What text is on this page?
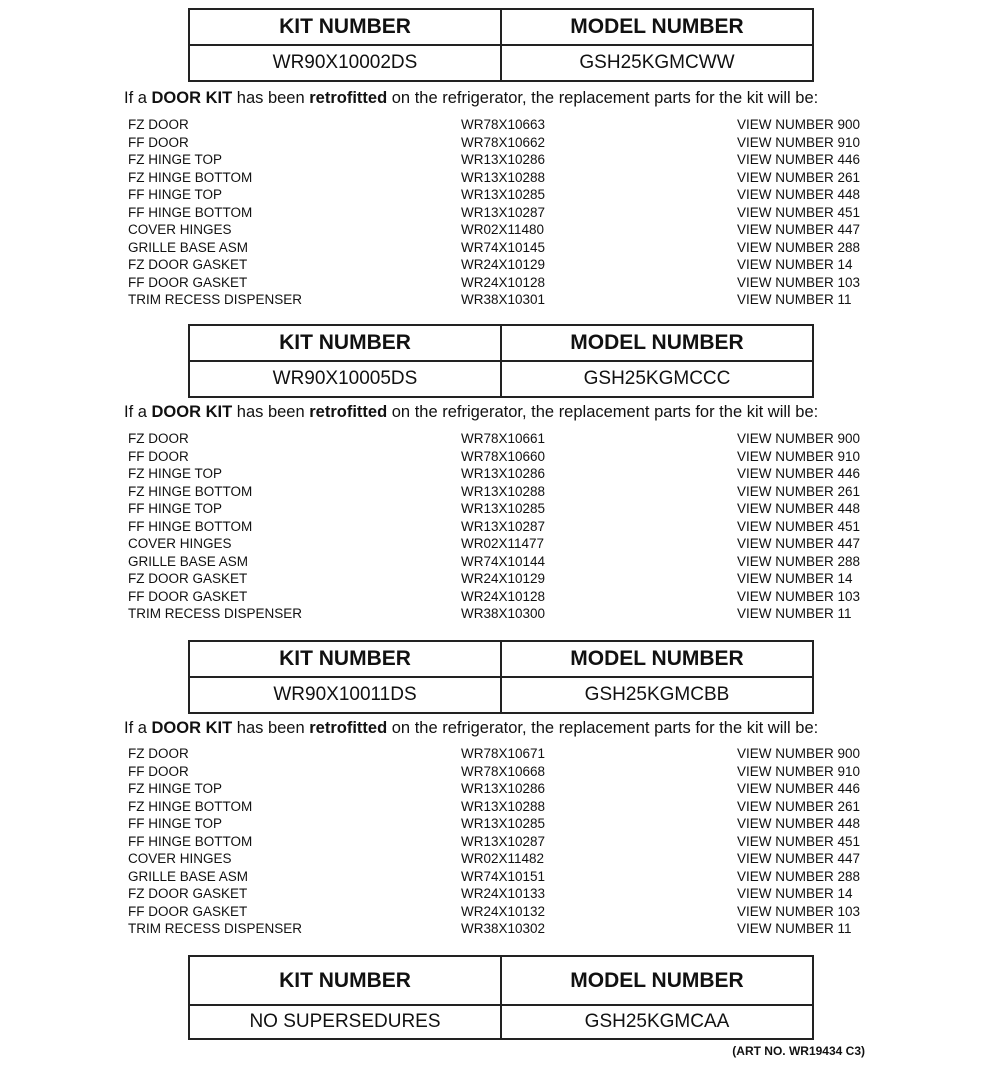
KIT NUMBER	MODEL NUMBER
WR90X10002DS	GSH25KGMCWW
If a DOOR KIT has been retrofitted on the refrigerator, the replacement parts for the kit will be:
FZ DOOR	WR78X10663	VIEW NUMBER 900
FF DOOR	WR78X10662	VIEW NUMBER 910
FZ HINGE TOP	WR13X10286	VIEW NUMBER 446
FZ HINGE BOTTOM	WR13X10288	VIEW NUMBER 261
FF HINGE TOP	WR13X10285	VIEW NUMBER 448
FF HINGE BOTTOM	WR13X10287	VIEW NUMBER 451
COVER HINGES	WR02X11480	VIEW NUMBER 447
GRILLE BASE ASM	WR74X10145	VIEW NUMBER 288
FZ DOOR GASKET	WR24X10129	VIEW NUMBER 14
FF DOOR GASKET	WR24X10128	VIEW NUMBER 103
TRIM RECESS DISPENSER	WR38X10301	VIEW NUMBER 11
KIT NUMBER	MODEL NUMBER
WR90X10005DS	GSH25KGMCCC
If a DOOR KIT has been retrofitted on the refrigerator, the replacement parts for the kit will be:
FZ DOOR	WR78X10661	VIEW NUMBER 900
FF DOOR	WR78X10660	VIEW NUMBER 910
FZ HINGE TOP	WR13X10286	VIEW NUMBER 446
FZ HINGE BOTTOM	WR13X10288	VIEW NUMBER 261
FF HINGE TOP	WR13X10285	VIEW NUMBER 448
FF HINGE BOTTOM	WR13X10287	VIEW NUMBER 451
COVER HINGES	WR02X11477	VIEW NUMBER 447
GRILLE BASE ASM	WR74X10144	VIEW NUMBER 288
FZ DOOR GASKET	WR24X10129	VIEW NUMBER 14
FF DOOR GASKET	WR24X10128	VIEW NUMBER 103
TRIM RECESS DISPENSER	WR38X10300	VIEW NUMBER 11
KIT NUMBER	MODEL NUMBER
WR90X10011DS	GSH25KGMCBB
If a DOOR KIT has been retrofitted on the refrigerator, the replacement parts for the kit will be:
FZ DOOR	WR78X10671	VIEW NUMBER 900
FF DOOR	WR78X10668	VIEW NUMBER 910
FZ HINGE TOP	WR13X10286	VIEW NUMBER 446
FZ HINGE BOTTOM	WR13X10288	VIEW NUMBER 261
FF HINGE TOP	WR13X10285	VIEW NUMBER 448
FF HINGE BOTTOM	WR13X10287	VIEW NUMBER 451
COVER HINGES	WR02X11482	VIEW NUMBER 447
GRILLE BASE ASM	WR74X10151	VIEW NUMBER 288
FZ DOOR GASKET	WR24X10133	VIEW NUMBER 14
FF DOOR GASKET	WR24X10132	VIEW NUMBER 103
TRIM RECESS DISPENSER	WR38X10302	VIEW NUMBER 11
KIT NUMBER	MODEL NUMBER
NO SUPERSEDURES	GSH25KGMCAA
(ART NO. WR19434 C3)
